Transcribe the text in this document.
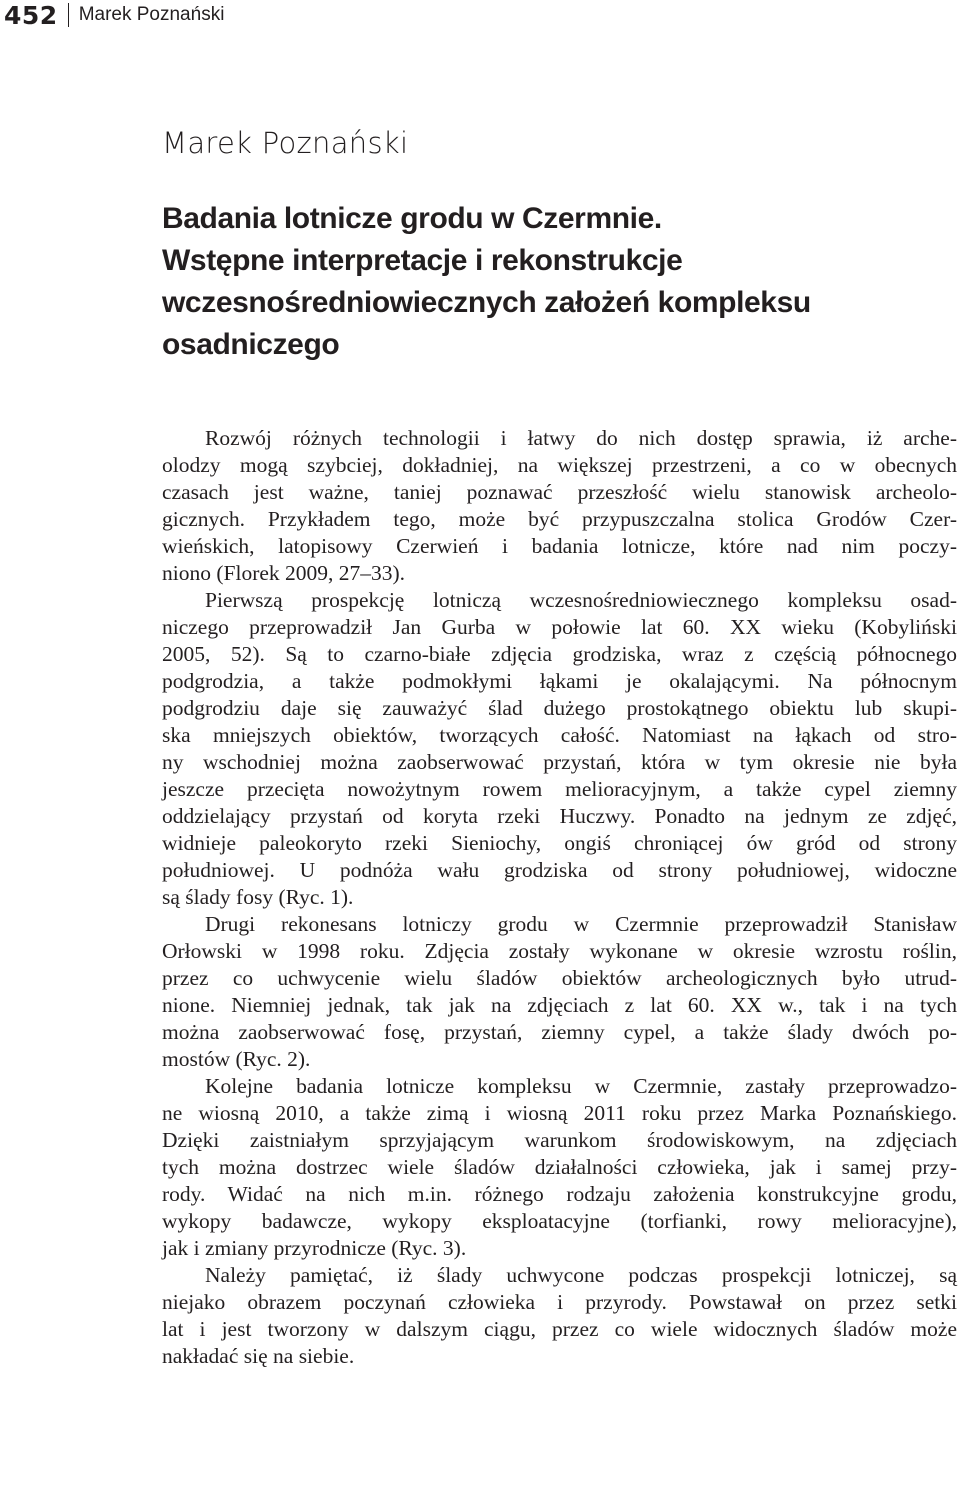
452 Marek Poznański
Marek Poznański
Badania lotnicze grodu w Czermnie.
Wstępne interpretacje i rekonstrukcje
wczesnośredniowiecznych założeń kompleksu
osadniczego
Rozwój różnych technologii i łatwy do nich dostęp sprawia, iż arche-
olodzy mogą szybciej, dokładniej, na większej przestrzeni, a co w obecnych
czasach jest ważne, taniej poznawać przeszłość wielu stanowisk archeolo-
gicznych. Przykładem tego, może być przypuszczalna stolica Grodów Czer-
wieńskich, latopisowy Czerwień i badania lotnicze, które nad nim poczy-
niono (Florek 2009, 27–33).
Pierwszą prospekcję lotniczą wczesnośredniowiecznego kompleksu osad-
niczego przeprowadził Jan Gurba w połowie lat 60. XX wieku (Kobyliński
2005, 52). Są to czarno-białe zdjęcia grodziska, wraz z częścią północnego
podgrodzia, a także podmokłymi łąkami je okalającymi. Na północnym
podgrodziu daje się zauważyć ślad dużego prostokątnego obiektu lub skupi-
ska mniejszych obiektów, tworzących całość. Natomiast na łąkach od stro-
ny wschodniej można zaobserwować przystań, która w tym okresie nie była
jeszcze przecięta nowożytnym rowem melioracyjnym, a także cypel ziemny
oddzielający przystań od koryta rzeki Huczwy. Ponadto na jednym ze zdjęć,
widnieje paleokoryto rzeki Sieniochy, ongiś chroniącej ów gród od strony
południowej. U podnóża wału grodziska od strony południowej, widoczne
są ślady fosy (Ryc. 1).
Drugi rekonesans lotniczy grodu w Czermnie przeprowadził Stanisław
Orłowski w 1998 roku. Zdjęcia zostały wykonane w okresie wzrostu roślin,
przez co uchwycenie wielu śladów obiektów archeologicznych było utrud-
nione. Niemniej jednak, tak jak na zdjęciach z lat 60. XX w., tak i na tych
można zaobserwować fosę, przystań, ziemny cypel, a także ślady dwóch po-
mostów (Ryc. 2).
Kolejne badania lotnicze kompleksu w Czermnie, zastały przeprowadzo-
ne wiosną 2010, a także zimą i wiosną 2011 roku przez Marka Poznańskiego.
Dzięki zaistniałym sprzyjającym warunkom środowiskowym, na zdjęciach
tych można dostrzec wiele śladów działalności człowieka, jak i samej przy-
rody. Widać na nich m.in. różnego rodzaju założenia konstrukcyjne grodu,
wykopy badawcze, wykopy eksploatacyjne (torfianki, rowy melioracyjne),
jak i zmiany przyrodnicze (Ryc. 3).
Należy pamiętać, iż ślady uchwycone podczas prospekcji lotniczej, są
niejako obrazem poczynań człowieka i przyrody. Powstawał on przez setki
lat i jest tworzony w dalszym ciągu, przez co wiele widocznych śladów może
nakładać się na siebie.
